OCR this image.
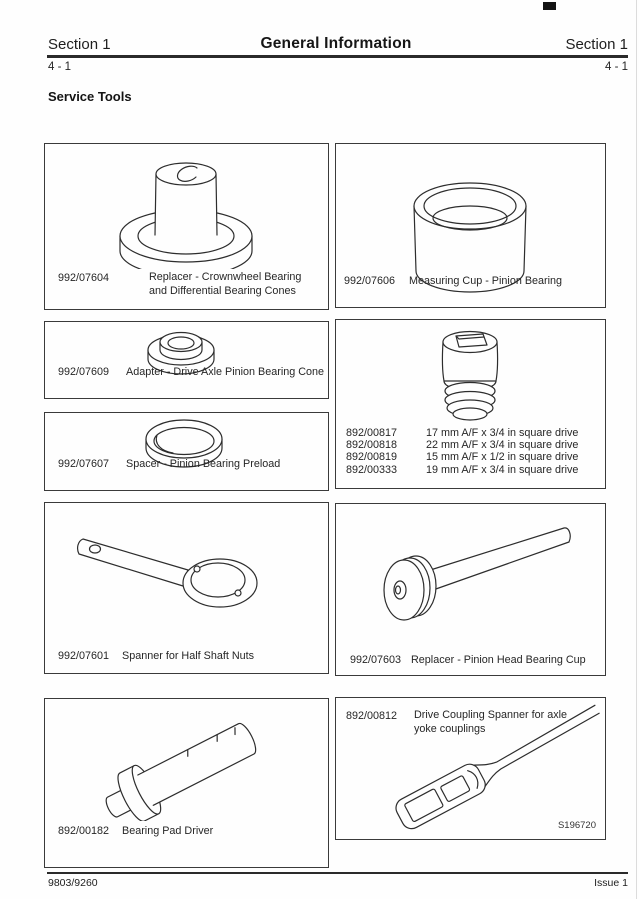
Section 1	General Information	Section 1
4 - 1	4 - 1
Service Tools
992/07604	Replacer - Crownwheel Bearing
and Differential Bearing Cones
992/07606 Measuring Cup - Pinion Bearing
992/07609 Adapter - Drive Axle Pinion Bearing Cone
992/07607 Spacer - Pinion Bearing Preload
892/00817	17 mm A/F x 3/4 in square drive
892/00818	22 mm A/F x 3/4 in square drive
892/00819	15 mm A/F x 1/2 in square drive
892/00333	19 mm A/F x 3/4 in square drive
992/07601 Spanner for Half Shaft Nuts	992/07603 Replacer - Pinion Head Bearing Cup
892/00182 Bearing Pad Driver
892/00812 Drive Coupling Spanner for axle
yoke couplings
S196720
9803/9260	Issue 1
